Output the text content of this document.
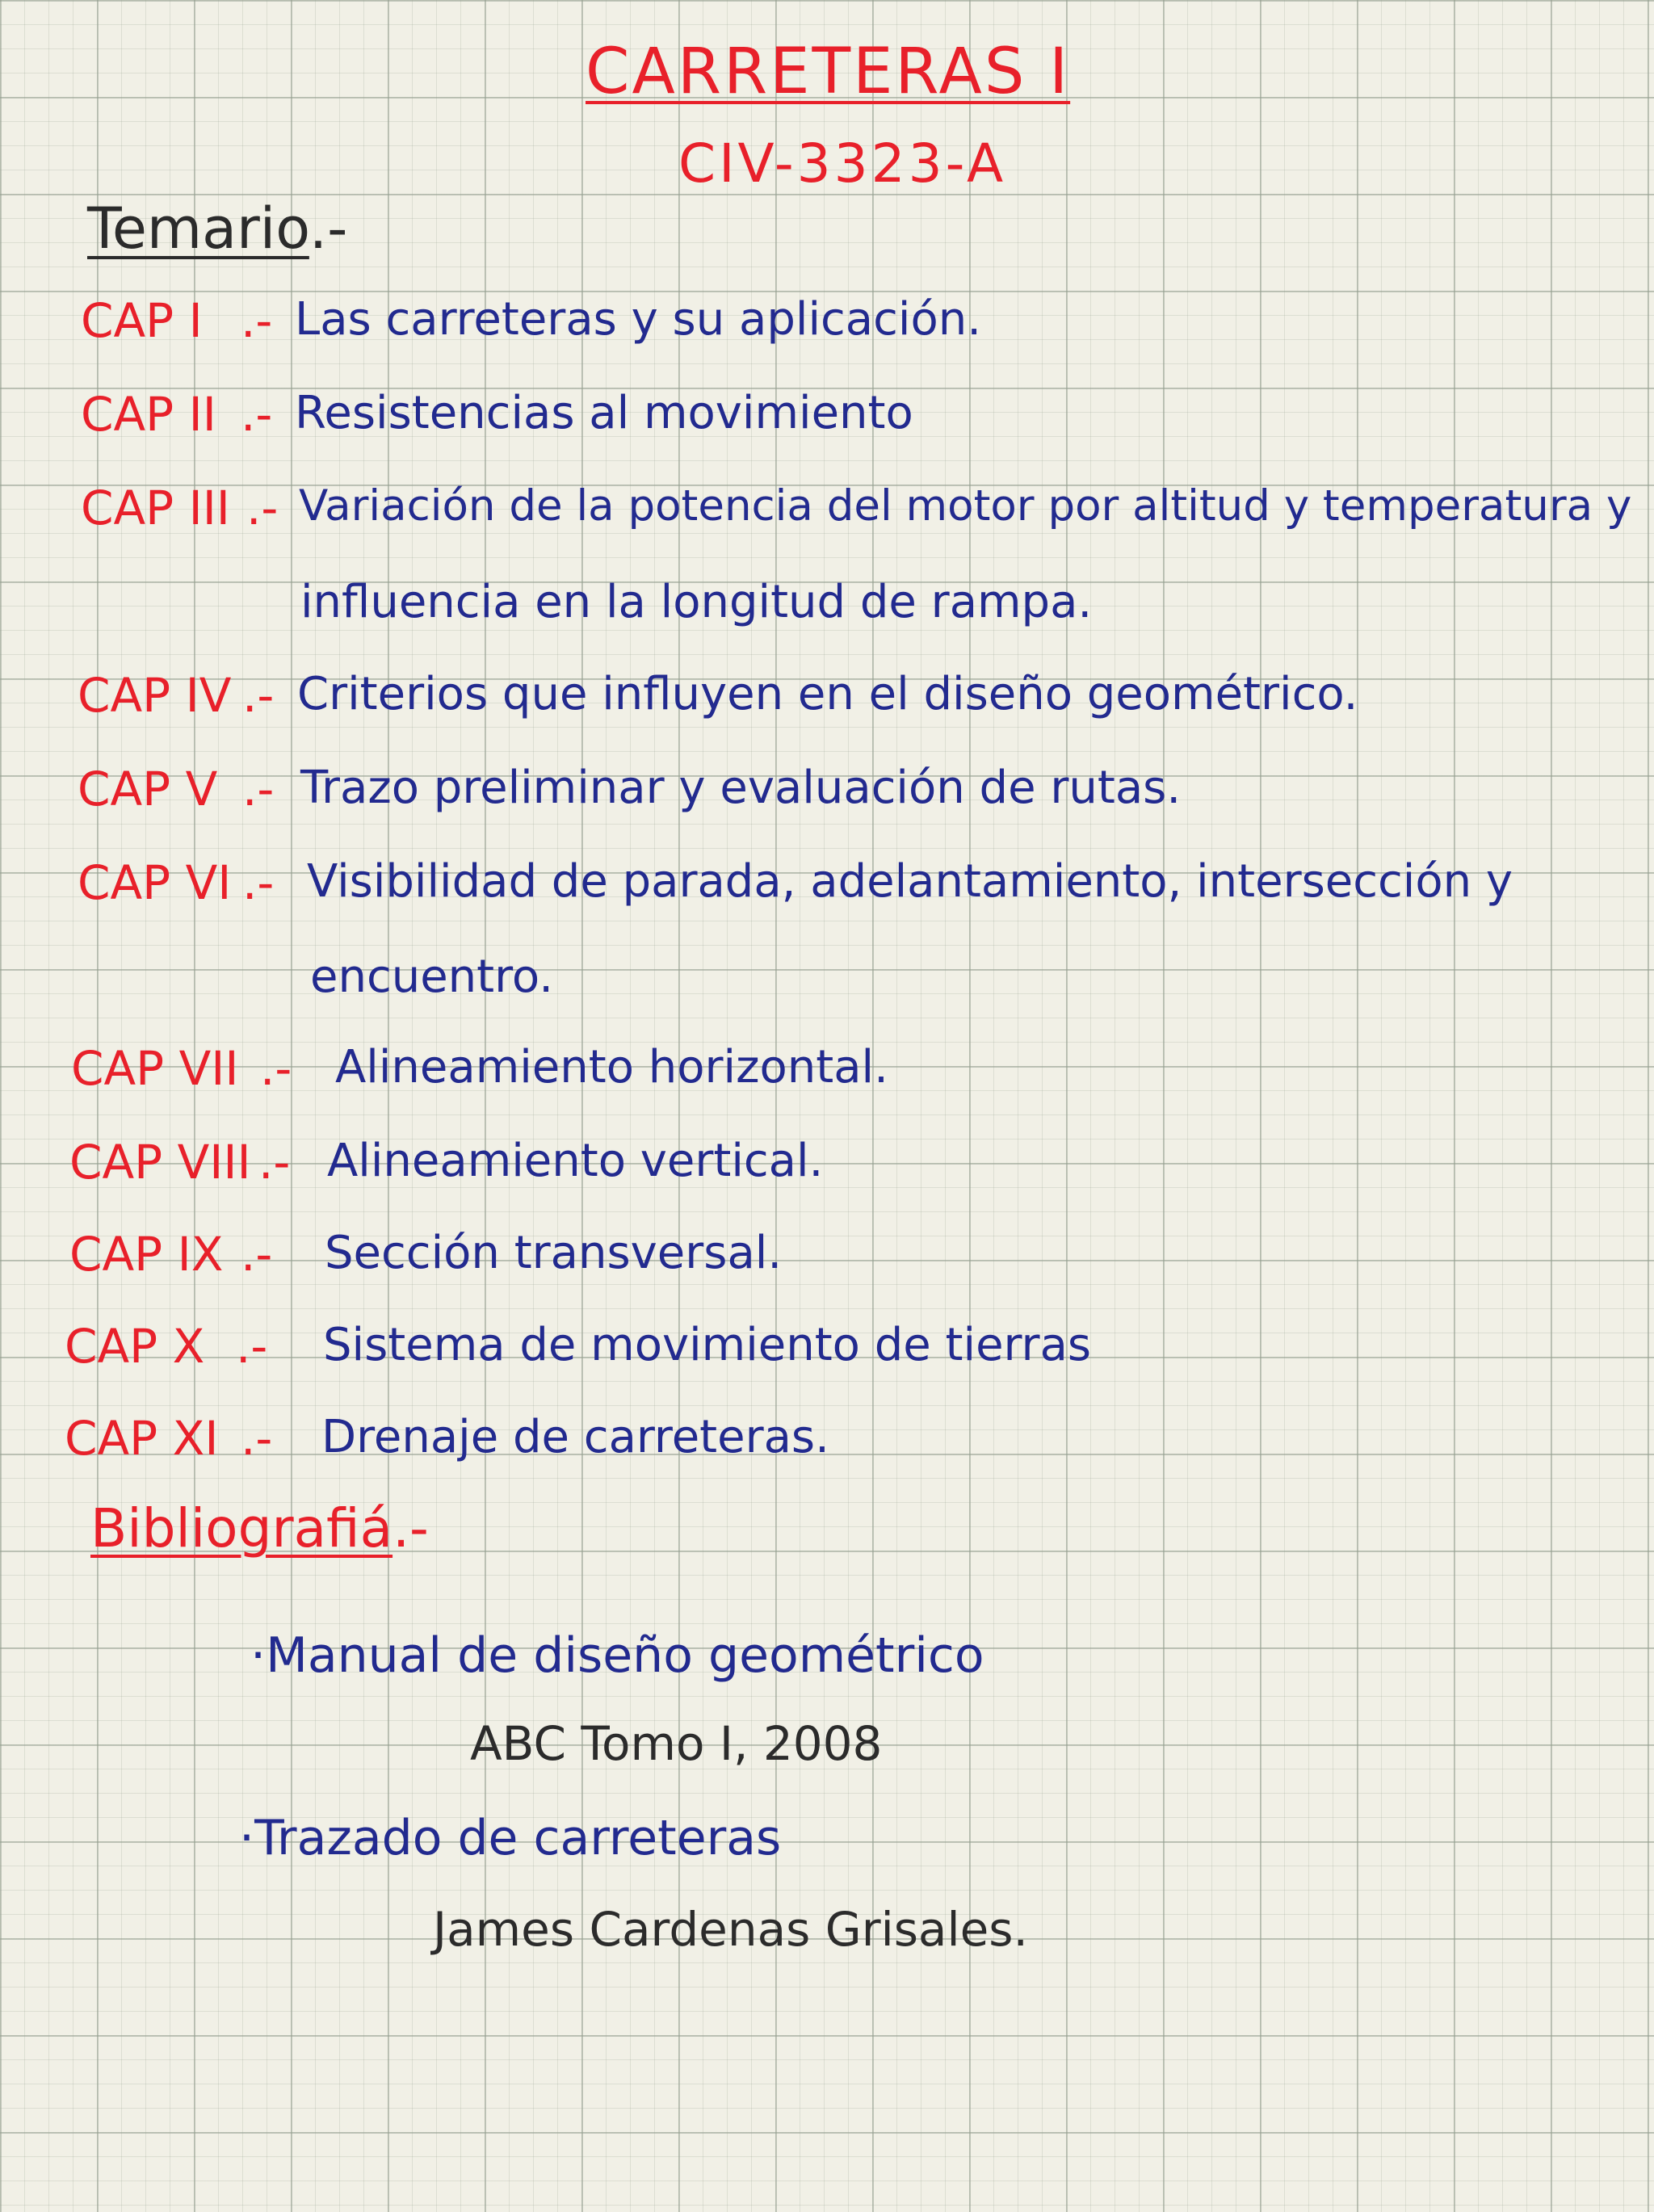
CARRETERAS I
CIV-3323-A
Temario.-
CAP I .- Las carreteras y su aplicación.
CAP II .- Resistencias al movimiento
CAP III .- Variación de la potencia del motor por altitud y temperatura y
influencia en la longitud de rampa.
CAP IV .- Criterios que influyen en el diseño geométrico.
CAP V .- Trazo preliminar y evaluación de rutas.
CAP VI .- Visibilidad de parada, adelantamiento, intersección y
encuentro.
CAP VII .- Alineamiento horizontal.
CAP VIII .- Alineamiento vertical.
CAP IX .- Sección transversal.
CAP X .- Sistema de movimiento de tierras
CAP XI .- Drenaje de carreteras.
Bibliografiá.-
·Manual de diseño geométrico
ABC Tomo I, 2008
·Trazado de carreteras
James Cardenas Grisales.
